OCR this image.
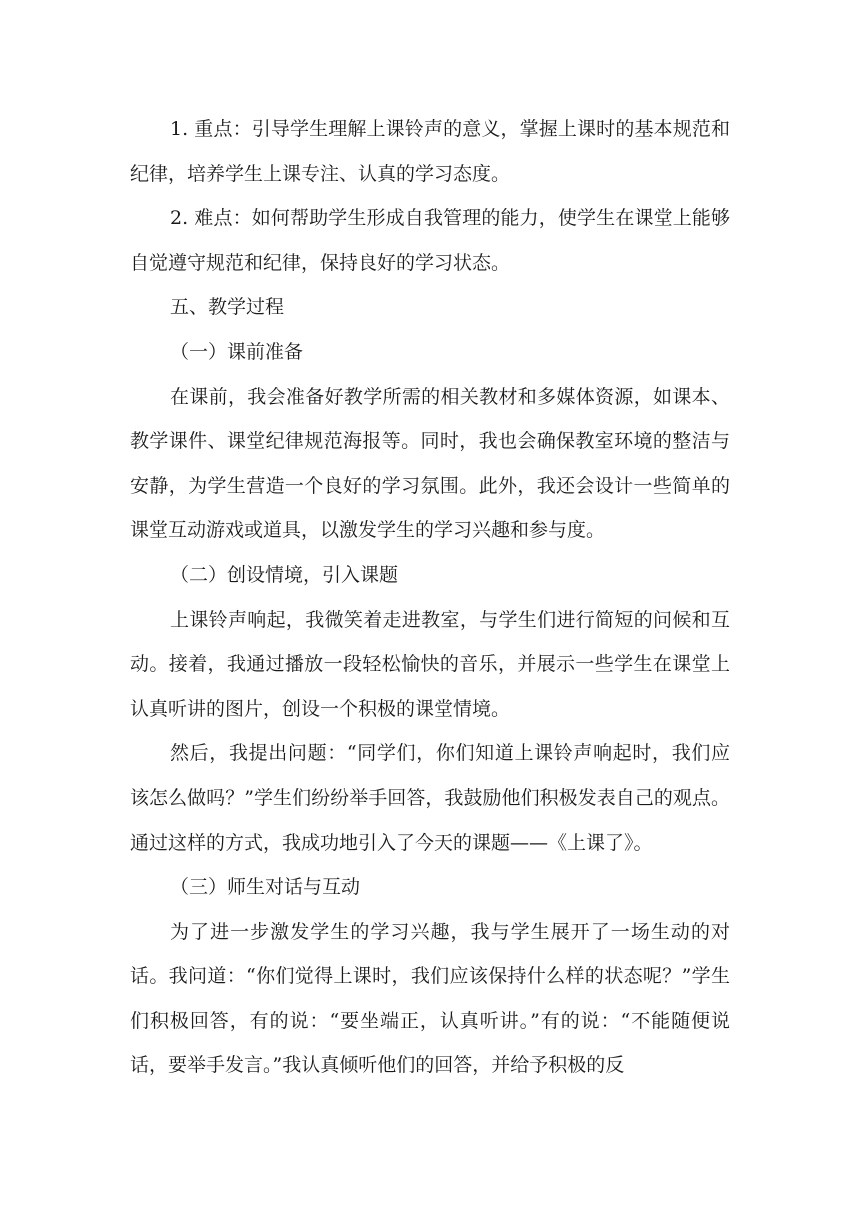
1. 重点：引导学生理解上课铃声的意义，掌握上课时的基本规范和纪律，培养学生上课专注、认真的学习态度。

2. 难点：如何帮助学生形成自我管理的能力，使学生在课堂上能够自觉遵守规范和纪律，保持良好的学习状态。

五、教学过程

（一）课前准备

在课前，我会准备好教学所需的相关教材和多媒体资源，如课本、教学课件、课堂纪律规范海报等。同时，我也会确保教室环境的整洁与安静，为学生营造一个良好的学习氛围。此外，我还会设计一些简单的课堂互动游戏或道具，以激发学生的学习兴趣和参与度。

（二）创设情境，引入课题

上课铃声响起，我微笑着走进教室，与学生们进行简短的问候和互动。接着，我通过播放一段轻松愉快的音乐，并展示一些学生在课堂上认真听讲的图片，创设一个积极的课堂情境。

然后，我提出问题：“同学们，你们知道上课铃声响起时，我们应该怎么做吗？”学生们纷纷举手回答，我鼓励他们积极发表自己的观点。通过这样的方式，我成功地引入了今天的课题——《上课了》。

（三）师生对话与互动

为了进一步激发学生的学习兴趣，我与学生展开了一场生动的对话。我问道：“你们觉得上课时，我们应该保持什么样的状态呢？”学生们积极回答，有的说：“要坐端正，认真听讲。”有的说：“不能随便说话，要举手发言。”我认真倾听他们的回答，并给予积极的反
